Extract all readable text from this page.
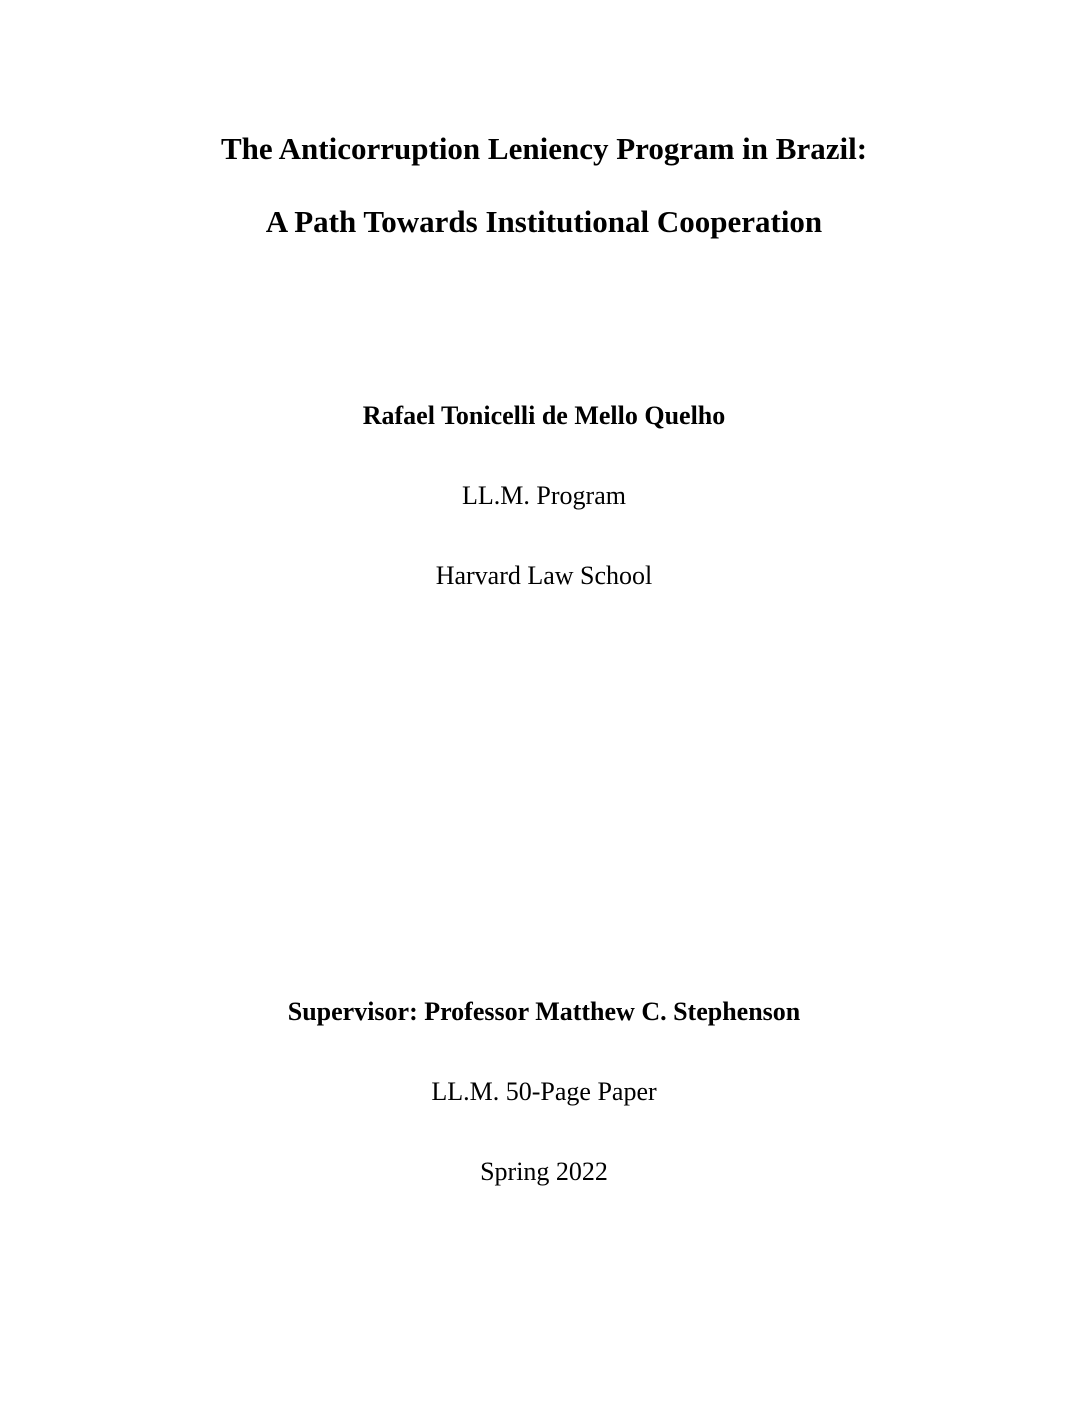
The Anticorruption Leniency Program in Brazil:
A Path Towards Institutional Cooperation
Rafael Tonicelli de Mello Quelho
LL.M. Program
Harvard Law School
Supervisor: Professor Matthew C. Stephenson
LL.M. 50-Page Paper
Spring 2022
